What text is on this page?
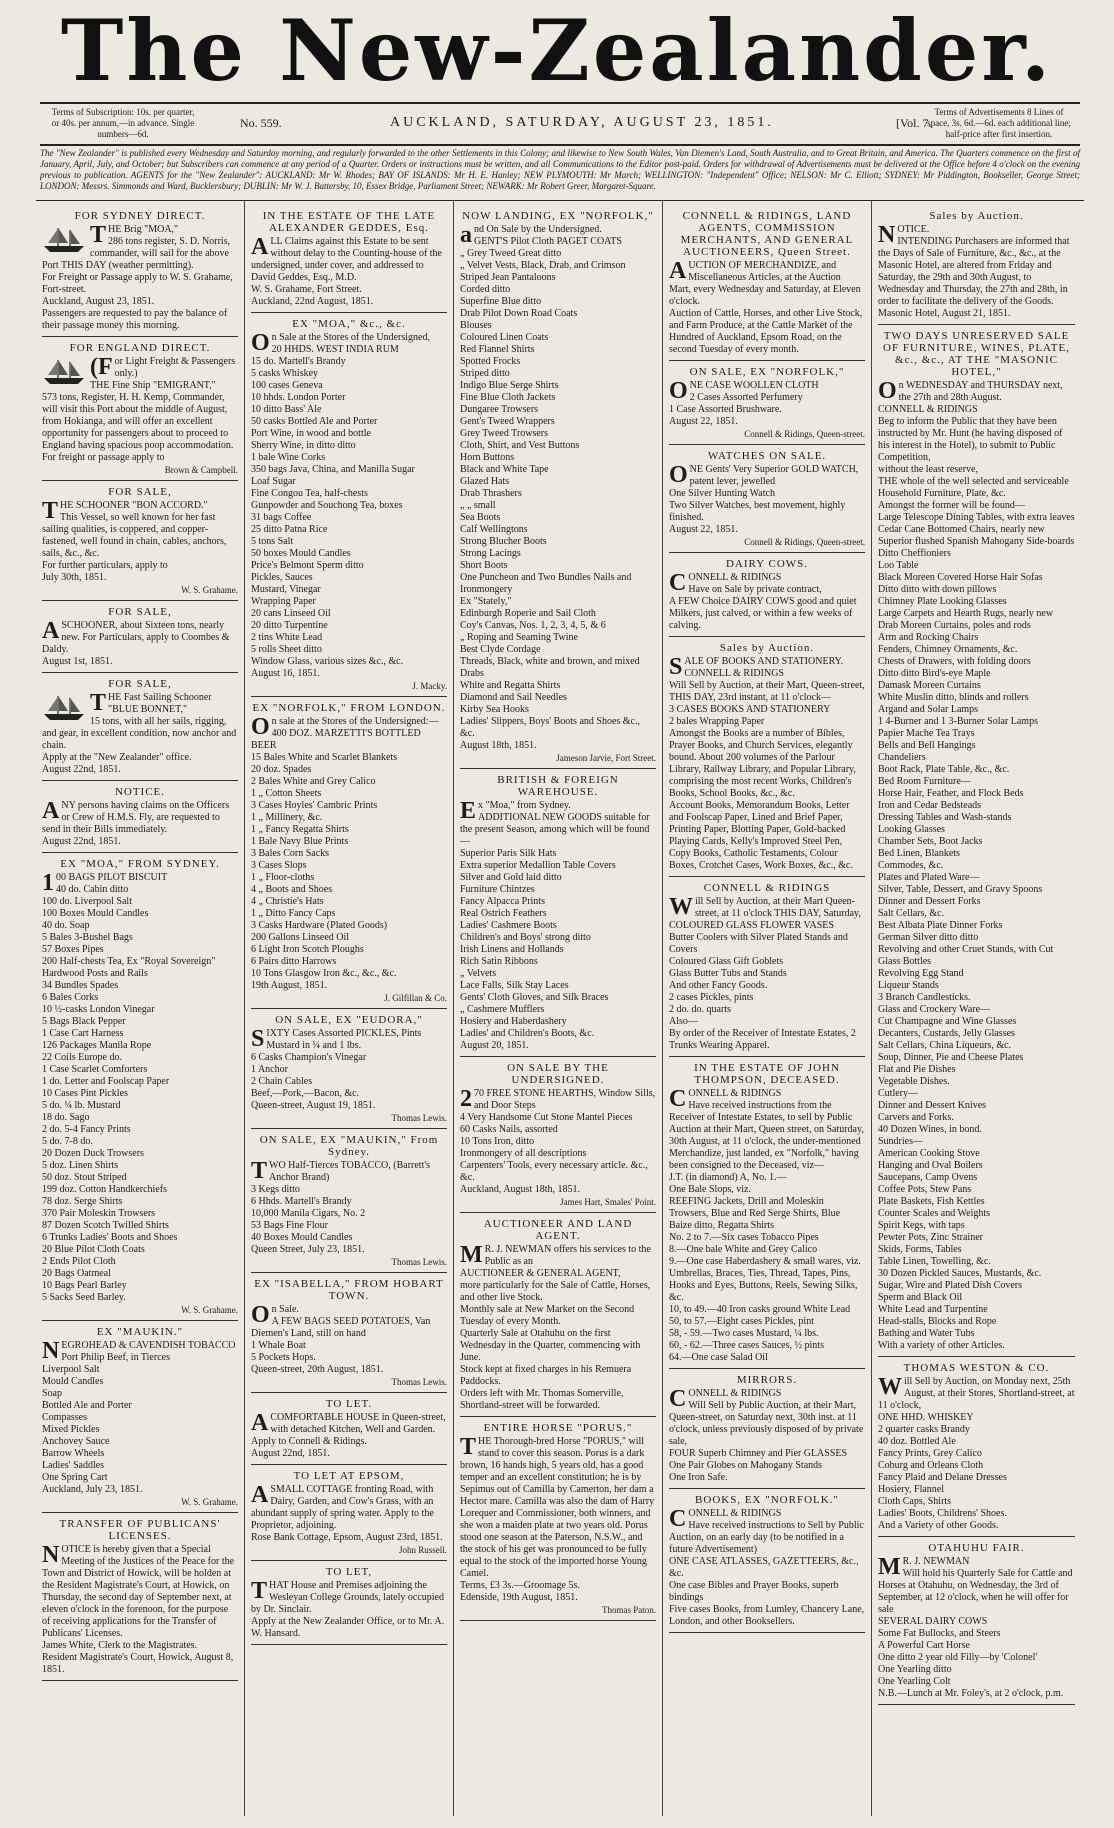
The New-Zealander.
Terms of Subscription: 10s. per quarter, or 40s. per annum,—in advance. Single numbers—6d.
No. 559.	AUCKLAND, SATURDAY, AUGUST 23, 1851.	[Vol. 7.
Terms of Advertisements 8 Lines of space, 3s. 6d.—6d. each additional line; half-price after first insertion.
The "New Zealander" is published every Wednesday and Saturday morning, and regularly forwarded to the other Settlements in this Colony; and likewise to New South Wales, Van Diemen's Land, South Australia, and to Great Britain, and America. The Quarters commence on the first of January, April, July, and October; but Subscribers can commence at any period of a Quarter. Orders or instructions must be written, and all Communications to the Editor post-paid. Orders for withdrawal of Advertisements must be delivered at the Office before 4 o'clock on the evening previous to publication. AGENTS for the "New Zealander": AUCKLAND: Mr W. Rhodes; BAY OF ISLANDS: Mr H. E. Hanley; NEW PLYMOUTH: Mr March; WELLINGTON: "Independent" Office; NELSON: Mr C. Elliott; SYDNEY: Mr Piddington, Bookseller, George Street; LONDON: Messrs. Simmonds and Ward, Bucklersbury; DUBLIN: Mr W. J. Battersby, 10, Essex Bridge, Parliament Street; NEWARK: Mr Robert Greer, Margaret-Square.
FOR SYDNEY DIRECT.
THE Brig "MOA,"
286 tons register, S. D. Norris, commander, will sail for the above Port THIS DAY (weather permitting).
For Freight or Passage apply to W. S. Grahame, Fort-street.
Auckland, August 23, 1851.
Passengers are requested to pay the balance of their passage money this morning.
FOR ENGLAND DIRECT.
(For Light Freight & Passengers only.)
THE Fine Ship "EMIGRANT,"
573 tons, Register, H. H. Kemp, Commander, will visit this Port about the middle of August, from Hokianga, and will offer an excellent opportunity for passengers about to proceed to England having spacious poop accommodation.
For freight or passage apply to
Brown & Campbell.
FOR SALE,
THE SCHOONER "BON ACCORD."
This Vessel, so well known for her fast sailing qualities, is coppered, and copper-fastened, well found in chain, cables, anchors, sails, &c., &c.
For further particulars, apply to
July 30th, 1851.
W. S. Grahame.
FOR SALE,
ASCHOONER, about Sixteen tons, nearly new. For Particulars, apply to Coombes & Daldy.
August 1st, 1851.
FOR SALE,
THE Fast Sailing Schooner "BLUE BONNET,"
15 tons, with all her sails, rigging, and gear, in excellent condition, now anchor and chain.
Apply at the "New Zealander" office.
August 22nd, 1851.
NOTICE.
ANY persons having claims on the Officers or Crew of H.M.S. Fly, are requested to send in their Bills immediately.
August 22nd, 1851.
EX "MOA," FROM SYDNEY.
100 BAGS PILOT BISCUIT
40 do. Cabin ditto
100 do. Liverpool Salt
100 Boxes Mould Candles
40 do. Soap
5 Bales 3-Bushel Bags
57 Boxes Pipes
200 Half-chests Tea, Ex "Royal Sovereign"
Hardwood Posts and Rails
34 Bundles Spades
6 Bales Corks
10 ½-casks London Vinegar
5 Bags Black Pepper
1 Case Cart Harness
126 Packages Manila Rope
22 Coils Europe do.
1 Case Scarlet Comforters
1 do. Letter and Foolscap Paper
10 Cases Pint Pickles
5 do. ¼ lb. Mustard
18 do. Sago
2 do. 5-4 Fancy Prints
5 do. 7-8 do.
20 Dozen Duck Trowsers
5 doz. Linen Shirts
50 doz. Stout Striped
199 doz. Cotton Handkerchiefs
78 doz. Serge Shirts
370 Pair Moleskin Trowsers
87 Dozen Scotch Twilled Shirts
6 Trunks Ladies' Boots and Shoes
20 Blue Pilot Cloth Coats
2 Ends Pilot Cloth
20 Bags Oatmeal
10 Bags Pearl Barley
5 Sacks Seed Barley.
W. S. Grahame.
EX "MAUKIN."
NEGROHEAD & CAVENDISH TOBACCO
Port Philip Beef, in Tierces
Liverpool Salt
Mould Candles
Soap
Bottled Ale and Porter
Compasses
Mixed Pickles
Anchovey Sauce
Barrow Wheels
Ladies' Saddles
One Spring Cart
Auckland, July 23, 1851.
W. S. Grahame.
TRANSFER OF PUBLICANS' LICENSES.
NOTICE is hereby given that a Special Meeting of the Justices of the Peace for the Town and District of Howick, will be holden at the Resident Magistrate's Court, at Howick, on Thursday, the second day of September next, at eleven o'clock in the forenoon, for the purpose of receiving applications for the Transfer of Publicans' Licenses.
James White, Clerk to the Magistrates.
Resident Magistrate's Court, Howick, August 8, 1851.
IN THE ESTATE OF THE LATE ALEXANDER GEDDES, Esq.
ALL Claims against this Estate to be sent without delay to the Counting-house of the undersigned, under cover, and addressed to David Geddes, Esq., M.D.
W. S. Grahame, Fort Street.
Auckland, 22nd August, 1851.
EX "MOA," &c., &c.
On Sale at the Stores of the Undersigned,
20 HHDS. WEST INDIA RUM
15 do. Martell's Brandy
5 casks Whiskey
100 cases Geneva
10 hhds. London Porter
10 ditto Bass' Ale
50 casks Bottled Ale and Porter
Port Wine, in wood and bottle
Sherry Wine, in ditto ditto
1 bale Wine Corks
350 bags Java, China, and Manilla Sugar
Loaf Sugar
Fine Congou Tea, half-chests
Gunpowder and Souchong Tea, boxes
31 bags Coffee
25 ditto Patna Rice
5 tons Salt
50 boxes Mould Candles
Price's Belmont Sperm ditto
Pickles, Sauces
Mustard, Vinegar
Wrapping Paper
20 cans Linseed Oil
20 ditto Turpentine
2 tins White Lead
5 rolls Sheet ditto
Window Glass, various sizes &c., &c.
August 16, 1851.
J. Macky.
EX "NORFOLK," FROM LONDON.
On sale at the Stores of the Undersigned:—
400 DOZ. MARZETTI'S BOTTLED BEER
15 Bales White and Scarlet Blankets
20 doz. Spades
2 Bales White and Grey Calico
1 „ Cotton Sheets
3 Cases Hoyles' Cambric Prints
1 „ Millinery, &c.
1 „ Fancy Regatta Shirts
1 Bale Navy Blue Prints
3 Bales Corn Sacks
3 Cases Slops
1 „ Floor-cloths
4 „ Boots and Shoes
4 „ Christie's Hats
1 „ Ditto Fancy Caps
3 Casks Hardware (Plated Goods)
200 Gallons Linseed Oil
6 Light Iron Scotch Ploughs
6 Pairs ditto Harrows
10 Tons Glasgow Iron &c., &c., &c.
19th August, 1851.
J. Gilfillan & Co.
ON SALE, EX "EUDORA,"
SIXTY Cases Assorted PICKLES, Pints Mustard in ¼ and 1 lbs.
6 Casks Champion's Vinegar
1 Anchor
2 Chain Cables
Beef,—Pork,—Bacon, &c.
Queen-street, August 19, 1851.
Thomas Lewis.
ON SALE, EX "MAUKIN," From Sydney.
TWO Half-Tierces TOBACCO, (Barrett's Anchor Brand)
3 Kegs ditto
6 Hhds. Martell's Brandy
10,000 Manila Cigars, No. 2
53 Bags Fine Flour
40 Boxes Mould Candles
Queen Street, July 23, 1851.
Thomas Lewis.
EX "ISABELLA," FROM HOBART TOWN.
On Sale.
A FEW BAGS SEED POTATOES, Van Diemen's Land, still on hand
1 Whale Boat
5 Pockets Hops.
Queen-street, 20th August, 1851.
Thomas Lewis.
TO LET.
ACOMFORTABLE HOUSE in Queen-street, with detached Kitchen, Well and Garden.
Apply to Connell & Ridings.
August 22nd, 1851.
TO LET AT EPSOM,
ASMALL COTTAGE fronting Road, with Dairy, Garden, and Cow's Grass, with an abundant supply of spring water. Apply to the Proprietor, adjoining.
Rose Bank Cottage, Epsom, August 23rd, 1851.
John Russell.
TO LET,
THAT House and Premises adjoining the Wesleyan College Grounds, lately occupied by Dr. Sinclair.
Apply at the New Zealander Office, or to Mr. A. W. Hansard.
NOW LANDING, EX "NORFOLK,"
and On Sale by the Undersigned.
GENT'S Pilot Cloth PAGET COATS
„ Grey Tweed Great ditto
„ Velvet Vests, Black, Drab, and Crimson
Striped Jean Pantaloons
Corded ditto
Superfine Blue ditto
Drab Pilot Down Road Coats
Blouses
Coloured Linen Coats
Red Flannel Shirts
Spotted Frocks
Striped ditto
Indigo Blue Serge Shirts
Fine Blue Cloth Jackets
Dungaree Trowsers
Gent's Tweed Wrappers
Grey Tweed Trowsers
Cloth, Shirt, and Vest Buttons
Horn Buttons
Black and White Tape
Glazed Hats
Drab Thrashers
„ „ small
Sea Boots
Calf Wellingtons
Strong Blucher Boots
Strong Lacings
Short Boots
One Puncheon and Two Bundles Nails and Ironmongery
Ex "Stately,"
Edinburgh Roperie and Sail Cloth
Coy's Canvas, Nos. 1, 2, 3, 4, 5, & 6
„ Roping and Seaming Twine
Best Clyde Cordage
Threads, Black, white and brown, and mixed Drabs
White and Regatta Shirts
Diamond and Sail Needles
Kirby Sea Hooks
Ladies' Slippers, Boys' Boots and Shoes &c., &c.
August 18th, 1851.
Jameson Jarvie, Fort Street.
BRITISH & FOREIGN WAREHOUSE.
Ex "Moa," from Sydney.
ADDITIONAL NEW GOODS suitable for the present Season, among which will be found—
Superior Paris Silk Hats
Extra superior Medallion Table Covers
Silver and Gold laid ditto
Furniture Chintzes
Fancy Alpacca Prints
Real Ostrich Feathers
Ladies' Cashmere Boots
Children's and Boys' strong ditto
Irish Linens and Hollands
Rich Satin Ribbons
„ Velvets
Lace Falls, Silk Stay Laces
Gents' Cloth Gloves, and Silk Braces
„ Cashmere Mufflers
Hosiery and Haberdashery
Ladies' and Children's Boots, &c.
August 20, 1851.
ON SALE BY THE UNDERSIGNED.
270 FREE STONE HEARTHS, Window Sills, and Door Steps
4 Very Handsome Cut Stone Mantel Pieces
60 Casks Nails, assorted
10 Tons Iron, ditto
Ironmongery of all descriptions
Carpenters' Tools, every necessary article. &c., &c.
Auckland, August 18th, 1851.
James Hart, Smales' Point.
AUCTIONEER AND LAND AGENT.
MR. J. NEWMAN offers his services to the Public as an
AUCTIONEER & GENERAL AGENT,
more particularly for the Sale of Cattle, Horses, and other live Stock.
Monthly sale at New Market on the Second Tuesday of every Month.
Quarterly Sale at Otahuhu on the first Wednesday in the Quarter, commencing with June.
Stock kept at fixed charges in his Remuera Paddocks.
Orders left with Mr. Thomas Somerville, Shortland-street will be forwarded.
ENTIRE HORSE "PORUS."
THE Thorough-bred Horse "PORUS," will stand to cover this season. Porus is a dark brown, 16 hands high, 5 years old, has a good temper and an excellent constitution; he is by Sepimus out of Camilla by Camerton, her dam a Hector mare. Camilla was also the dam of Harry Lorequer and Commissioner, both winners, and she won a maiden plate at two years old. Porus stood one season at the Paterson, N.S.W., and the stock of his get was pronounced to be fully equal to the stock of the imported horse Young Camel.
Terms, £3 3s.—Groomage 5s.
Edenside, 19th August, 1851.
Thomas Paton.
CONNELL & RIDINGS, LAND AGENTS, COMMISSION MERCHANTS, AND GENERAL AUCTIONEERS, Queen Street.
AUCTION OF MERCHANDIZE, and Miscellaneous Articles, at the Auction Mart, every Wednesday and Saturday, at Eleven o'clock.
Auction of Cattle, Horses, and other Live Stock, and Farm Produce, at the Cattle Market of the Hundred of Auckland, Epsom Road, on the second Tuesday of every month.
ON SALE, EX "NORFOLK,"
ONE CASE WOOLLEN CLOTH
2 Cases Assorted Perfumery
1 Case Assorted Brushware.
August 22, 1851.
Connell & Ridings, Queen-street.
WATCHES ON SALE.
ONE Gents' Very Superior GOLD WATCH, patent lever, jewelled
One Silver Hunting Watch
Two Silver Watches, best movement, highly finished.
August 22, 1851.
Connell & Ridings, Queen-street.
DAIRY COWS.
CONNELL & RIDINGS
Have on Sale by private contract,
A FEW Choice DAIRY COWS good and quiet Milkers, just calved, or within a few weeks of calving.
Sales by Auction.
SALE OF BOOKS AND STATIONERY.
CONNELL & RIDINGS
Will Sell by Auction, at their Mart, Queen-street, THIS DAY, 23rd instant, at 11 o'clock—
3 CASES BOOKS AND STATIONERY
2 bales Wrapping Paper
Amongst the Books are a number of Bibles, Prayer Books, and Church Services, elegantly bound. About 200 volumes of the Parlour Library, Railway Library, and Popular Library, comprising the most recent Works, Children's Books, School Books, &c., &c.
Account Books, Memorandum Books, Letter and Foolscap Paper, Lined and Brief Paper, Printing Paper, Blotting Paper, Gold-backed Playing Cards, Kelly's Improved Steel Pen, Copy Books, Catholic Testaments, Colour Boxes, Crotchet Cases, Work Boxes, &c., &c.
CONNELL & RIDINGS
Will Sell by Auction, at their Mart Queen-street, at 11 o'clock THIS DAY, Saturday,
COLOURED GLASS FLOWER VASES
Butter Coolers with Silver Plated Stands and Covers
Coloured Glass Gift Goblets
Glass Butter Tubs and Stands
And other Fancy Goods.
2 cases Pickles, pints
2 do. do. quarts
Also—
By order of the Receiver of Intestate Estates, 2 Trunks Wearing Apparel.
IN THE ESTATE OF JOHN THOMPSON, DECEASED.
CONNELL & RIDINGS
Have received instructions from the Receiver of Intestate Estates, to sell by Public Auction at their Mart, Queen street, on Saturday, 30th August, at 11 o'clock, the under-mentioned Merchandize, just landed, ex "Norfolk," having been consigned to the Deceased, viz—
J.T. (in diamond) A, No. 1.—
One Bale Slops, viz.
REEFING Jackets, Drill and Moleskin Trowsers, Blue and Red Serge Shirts, Blue Baize ditto, Regatta Shirts
No. 2 to 7.—Six cases Tobacco Pipes
8.—One bale White and Grey Calico
9.—One case Haberdashery & small wares, viz. Umbrellas, Braces, Ties, Thread, Tapes, Pins, Hooks and Eyes, Buttons, Reels, Sewing Silks, &c.
10, to 49.—40 Iron casks ground White Lead
50, to 57.—Eight cases Pickles, pint
58, - 59.—Two cases Mustard, ¼ lbs.
60, - 62.—Three cases Sauces, ½ pints
64.—One case Salad Oil
MIRRORS.
CONNELL & RIDINGS
Will Sell by Public Auction, at their Mart, Queen-street, on Saturday next, 30th inst. at 11 o'clock, unless previously disposed of by private sale,
FOUR Superb Chimney and Pier GLASSES
One Pair Globes on Mahogany Stands
One Iron Safe.
BOOKS, EX "NORFOLK."
CONNELL & RIDINGS
Have received instructions to Sell by Public Auction, on an early day (to be notified in a future Advertisement)
ONE CASE ATLASSES, GAZETTEERS, &c., &c.
One case Bibles and Prayer Books, superb bindings
Five cases Books, from Lumley, Chancery Lane, London, and other Booksellers.
Sales by Auction.
NOTICE.
INTENDING Purchasers are informed that the Days of Sale of Furniture, &c., &c., at the Masonic Hotel, are altered from Friday and Saturday, the 29th and 30th August, to Wednesday and Thursday, the 27th and 28th, in order to facilitate the delivery of the Goods.
Masonic Hotel, August 21, 1851.
TWO DAYS UNRESERVED SALE OF FURNITURE, WINES, PLATE, &c., &c., AT THE "MASONIC HOTEL,"
On WEDNESDAY and THURSDAY next, the 27th and 28th August.
CONNELL & RIDINGS
Beg to inform the Public that they have been instructed by Mr. Hunt (he having disposed of his interest in the Hotel), to submit to Public Competition,
without the least reserve,
THE whole of the well selected and serviceable Household Furniture, Plate, &c.
Amongst the former will be found—
Large Telescope Dining Tables, with extra leaves
Cedar Cane Bottomed Chairs, nearly new
Superior flushed Spanish Mahogany Side-boards
Ditto Cheffioniers
Loo Table
Black Moreen Covered Horse Hair Sofas
Ditto ditto with down pillows
Chimney Plate Looking Glasses
Large Carpets and Hearth Rugs, nearly new
Drab Moreen Curtains, poles and rods
Arm and Rocking Chairs
Fenders, Chimney Ornaments, &c.
Chests of Drawers, with folding doors
Ditto ditto Bird's-eye Maple
Damask Moreen Curtains
White Muslin ditto, blinds and rollers
Argand and Solar Lamps
1 4-Burner and 1 3-Burner Solar Lamps
Papier Mache Tea Trays
Bells and Bell Hangings
Chandeliers
Boot Rack, Plate Table, &c., &c.
Bed Room Furniture—
Horse Hair, Feather, and Flock Beds
Iron and Cedar Bedsteads
Dressing Tables and Wash-stands
Looking Glasses
Chamber Sets, Boot Jacks
Bed Linen, Blankets
Commodes, &c.
Plates and Plated Ware—
Silver, Table, Dessert, and Gravy Spoons
Dinner and Dessert Forks
Salt Cellars, &c.
Best Albata Plate Dinner Forks
German Silver ditto ditto
Revolving and other Cruet Stands, with Cut Glass Bottles
Revolving Egg Stand
Liqueur Stands
3 Branch Candlesticks.
Glass and Crockery Ware—
Cut Champagne and Wine Glasses
Decanters, Custards, Jelly Glasses
Salt Cellars, China Liqueurs, &c.
Soup, Dinner, Pie and Cheese Plates
Flat and Pie Dishes
Vegetable Dishes.
Cutlery—
Dinner and Dessert Knives
Carvers and Forks.
40 Dozen Wines, in bond.
Sundries—
American Cooking Stove
Hanging and Oval Boilers
Saucepans, Camp Ovens
Coffee Pots, Stew Pans
Plate Baskets, Fish Kettles
Counter Scales and Weights
Spirit Kegs, with taps
Pewter Pots, Zinc Strainer
Skids, Forms, Tables
Table Linen, Towelling, &c.
30 Dozen Pickled Sauces, Mustards, &c.
Sugar, Wire and Plated Dish Covers
Sperm and Black Oil
White Lead and Turpentine
Head-stalls, Blocks and Rope
Bathing and Water Tubs
With a variety of other Articles.
THOMAS WESTON & CO.
Will Sell by Auction, on Monday next, 25th August, at their Stores, Shortland-street, at 11 o'clock,
ONE HHD. WHISKEY
2 quarter casks Brandy
40 doz. Bottled Ale
Fancy Prints, Grey Calico
Coburg and Orleans Cloth
Fancy Plaid and Delane Dresses
Hosiery, Flannel
Cloth Caps, Shirts
Ladies' Boots, Childrens' Shoes.
And a Variety of other Goods.
OTAHUHU FAIR.
MR. J. NEWMAN
Will hold his Quarterly Sale for Cattle and Horses at Otahuhu, on Wednesday, the 3rd of September, at 12 o'clock, when he will offer for sale
SEVERAL DAIRY COWS
Some Fat Bullocks, and Steers
A Powerful Cart Horse
One ditto 2 year old Filly—by 'Colonel'
One Yearling ditto
One Yearling Colt
N.B.—Lunch at Mr. Foley's, at 2 o'clock, p.m.
